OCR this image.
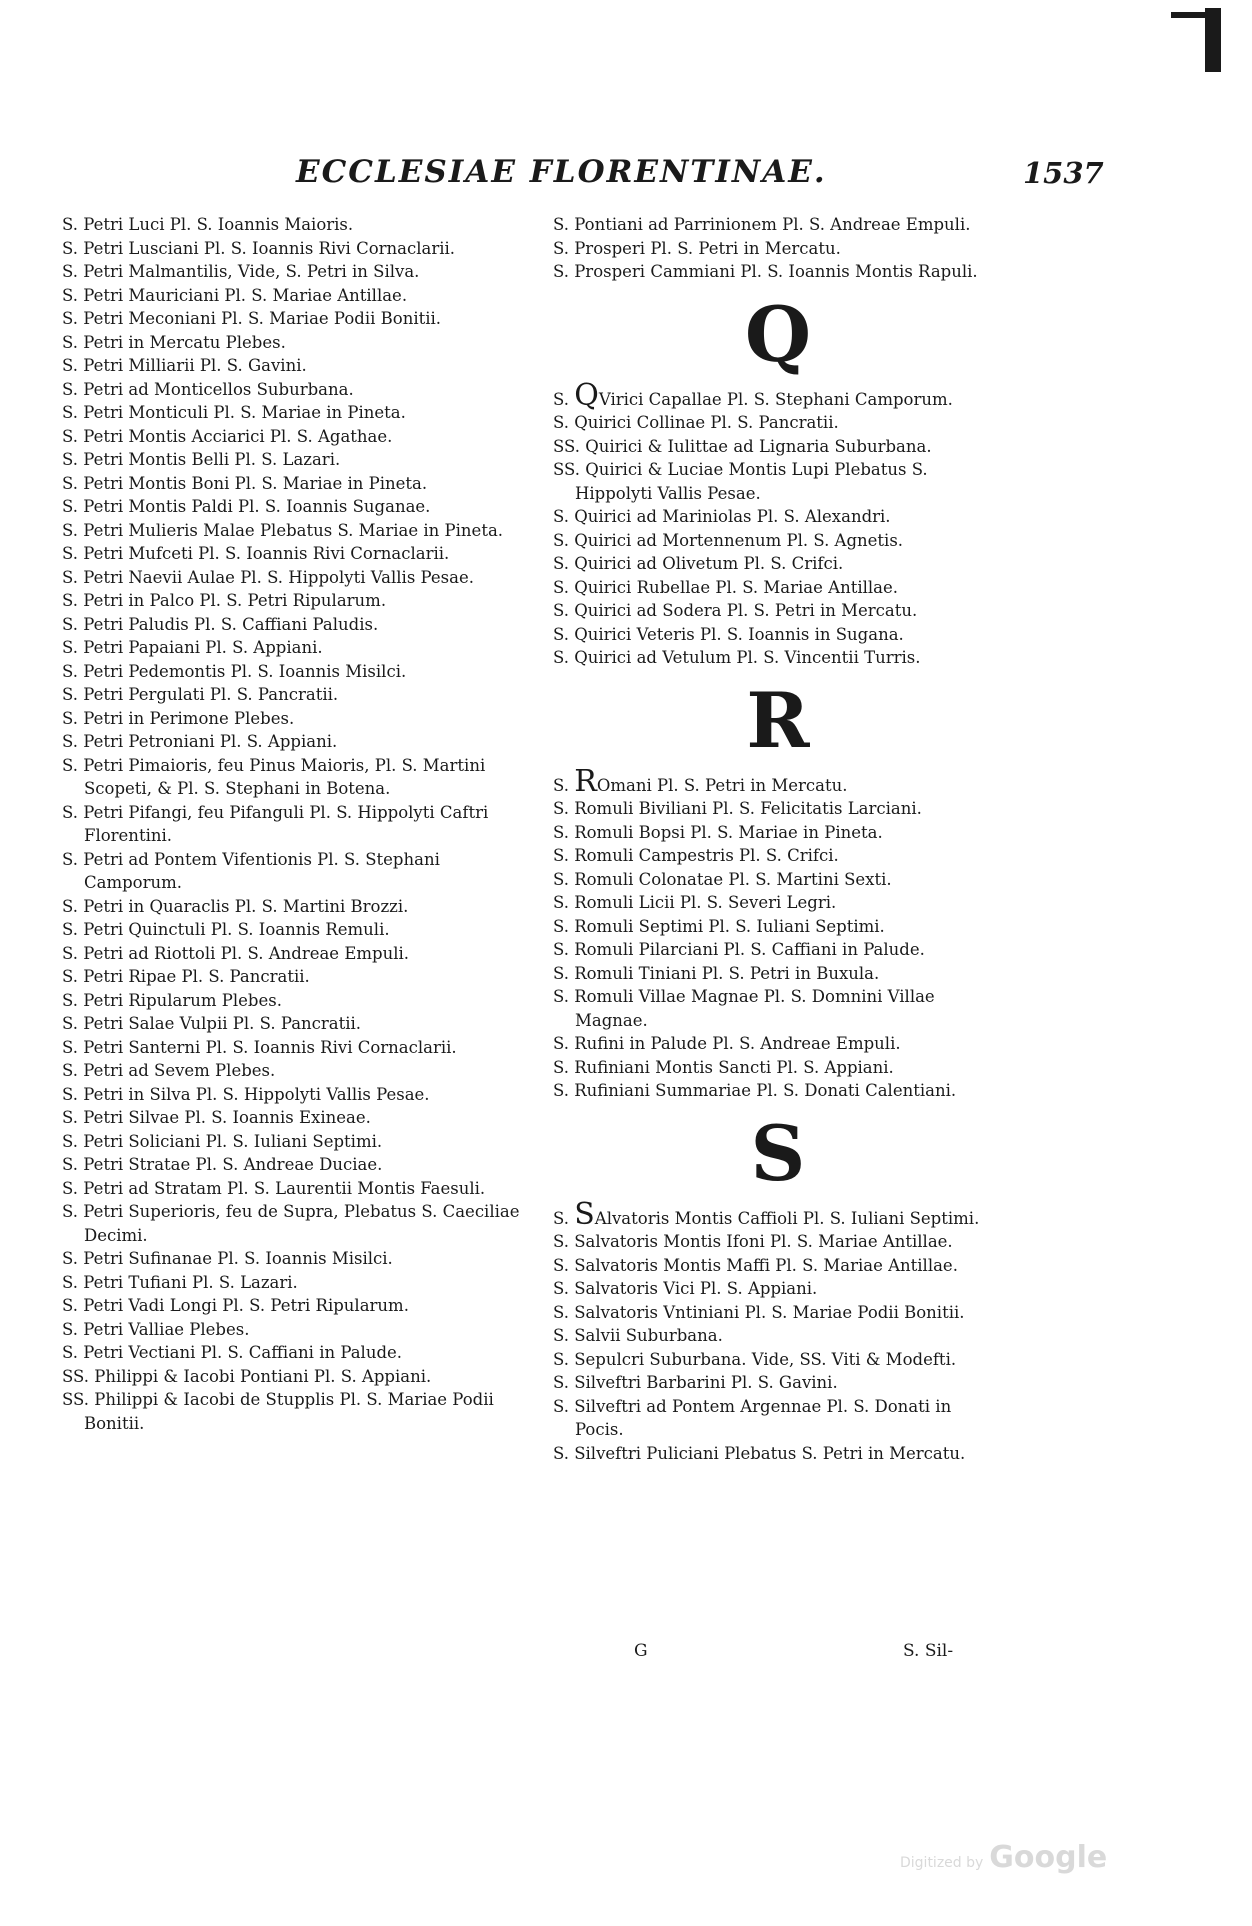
ECCLESIAE FLORENTINAE.	1537
S. Petri Luci Pl. S. Ioannis Maioris.
S. Petri Lusciani Pl. S. Ioannis Rivi Cornaclarii.
S. Petri Malmantilis, Vide, S. Petri in Silva.
S. Petri Mauriciani Pl. S. Mariae Antillae.
S. Petri Meconiani Pl. S. Mariae Podii Bonitii.
S. Petri in Mercatu Plebes.
S. Petri Milliarii Pl. S. Gavini.
S. Petri ad Monticellos Suburbana.
S. Petri Monticuli Pl. S. Mariae in Pineta.
S. Petri Montis Acciarici Pl. S. Agathae.
S. Petri Montis Belli Pl. S. Lazari.
S. Petri Montis Boni Pl. S. Mariae in Pineta.
S. Petri Montis Paldi Pl. S. Ioannis Suganae.
S. Petri Mulieris Malae Plebatus S. Mariae in Pineta.
S. Petri Mufceti Pl. S. Ioannis Rivi Cornaclarii.
S. Petri Naevii Aulae Pl. S. Hippolyti Vallis Pesae.
S. Petri in Palco Pl. S. Petri Ripularum.
S. Petri Paludis Pl. S. Caffiani Paludis.
S. Petri Papaiani Pl. S. Appiani.
S. Petri Pedemontis Pl. S. Ioannis Misilci.
S. Petri Pergulati Pl. S. Pancratii.
S. Petri in Perimone Plebes.
S. Petri Petroniani Pl. S. Appiani.
S. Petri Pimaioris, feu Pinus Maioris, Pl. S. Martini Scopeti, & Pl. S. Stephani in Botena.
S. Petri Pifangi, feu Pifanguli Pl. S. Hippolyti Caftri Florentini.
S. Petri ad Pontem Vifentionis Pl. S. Stephani Camporum.
S. Petri in Quaraclis Pl. S. Martini Brozzi.
S. Petri Quinctuli Pl. S. Ioannis Remuli.
S. Petri ad Riottoli Pl. S. Andreae Empuli.
S. Petri Ripae Pl. S. Pancratii.
S. Petri Ripularum Plebes.
S. Petri Salae Vulpii Pl. S. Pancratii.
S. Petri Santerni Pl. S. Ioannis Rivi Cornaclarii.
S. Petri ad Sevem Plebes.
S. Petri in Silva Pl. S. Hippolyti Vallis Pesae.
S. Petri Silvae Pl. S. Ioannis Exineae.
S. Petri Soliciani Pl. S. Iuliani Septimi.
S. Petri Stratae Pl. S. Andreae Duciae.
S. Petri ad Stratam Pl. S. Laurentii Montis Faesuli.
S. Petri Superioris, feu de Supra, Plebatus S. Caeciliae Decimi.
S. Petri Sufinanae Pl. S. Ioannis Misilci.
S. Petri Tufiani Pl. S. Lazari.
S. Petri Vadi Longi Pl. S. Petri Ripularum.
S. Petri Valliae Plebes.
S. Petri Vectiani Pl. S. Caffiani in Palude.
SS. Philippi & Iacobi Pontiani Pl. S. Appiani.
SS. Philippi & Iacobi de Stupplis Pl. S. Mariae Podii Bonitii.
S. Pontiani ad Parrinionem Pl. S. Andreae Empuli.
S. Prosperi Pl. S. Petri in Mercatu.
S. Prosperi Cammiani Pl. S. Ioannis Montis Rapuli.
Q
S. QVirici Capallae Pl. S. Stephani Camporum.
S. Quirici Collinae Pl. S. Pancratii.
SS. Quirici & Iulittae ad Lignaria Suburbana.
SS. Quirici & Luciae Montis Lupi Plebatus S. Hippolyti Vallis Pesae.
S. Quirici ad Mariniolas Pl. S. Alexandri.
S. Quirici ad Mortennenum Pl. S. Agnetis.
S. Quirici ad Olivetum Pl. S. Crifci.
S. Quirici Rubellae Pl. S. Mariae Antillae.
S. Quirici ad Sodera Pl. S. Petri in Mercatu.
S. Quirici Veteris Pl. S. Ioannis in Sugana.
S. Quirici ad Vetulum Pl. S. Vincentii Turris.
R
S. ROmani Pl. S. Petri in Mercatu.
S. Romuli Biviliani Pl. S. Felicitatis Larciani.
S. Romuli Bopsi Pl. S. Mariae in Pineta.
S. Romuli Campestris Pl. S. Crifci.
S. Romuli Colonatae Pl. S. Martini Sexti.
S. Romuli Licii Pl. S. Severi Legri.
S. Romuli Septimi Pl. S. Iuliani Septimi.
S. Romuli Pilarciani Pl. S. Caffiani in Palude.
S. Romuli Tiniani Pl. S. Petri in Buxula.
S. Romuli Villae Magnae Pl. S. Domnini Villae Magnae.
S. Rufini in Palude Pl. S. Andreae Empuli.
S. Rufiniani Montis Sancti Pl. S. Appiani.
S. Rufiniani Summariae Pl. S. Donati Calentiani.
S
S. SAlvatoris Montis Caffioli Pl. S. Iuliani Septimi.
S. Salvatoris Montis Ifoni Pl. S. Mariae Antillae.
S. Salvatoris Montis Maffi Pl. S. Mariae Antillae.
S. Salvatoris Vici Pl. S. Appiani.
S. Salvatoris Vntiniani Pl. S. Mariae Podii Bonitii.
S. Salvii Suburbana.
S. Sepulcri Suburbana. Vide, SS. Viti & Modefti.
S. Silveftri Barbarini Pl. S. Gavini.
S. Silveftri ad Pontem Argennae Pl. S. Donati in Pocis.
S. Silveftri Puliciani Plebatus S. Petri in Mercatu.
G	S. Sil-
Digitized by Google
